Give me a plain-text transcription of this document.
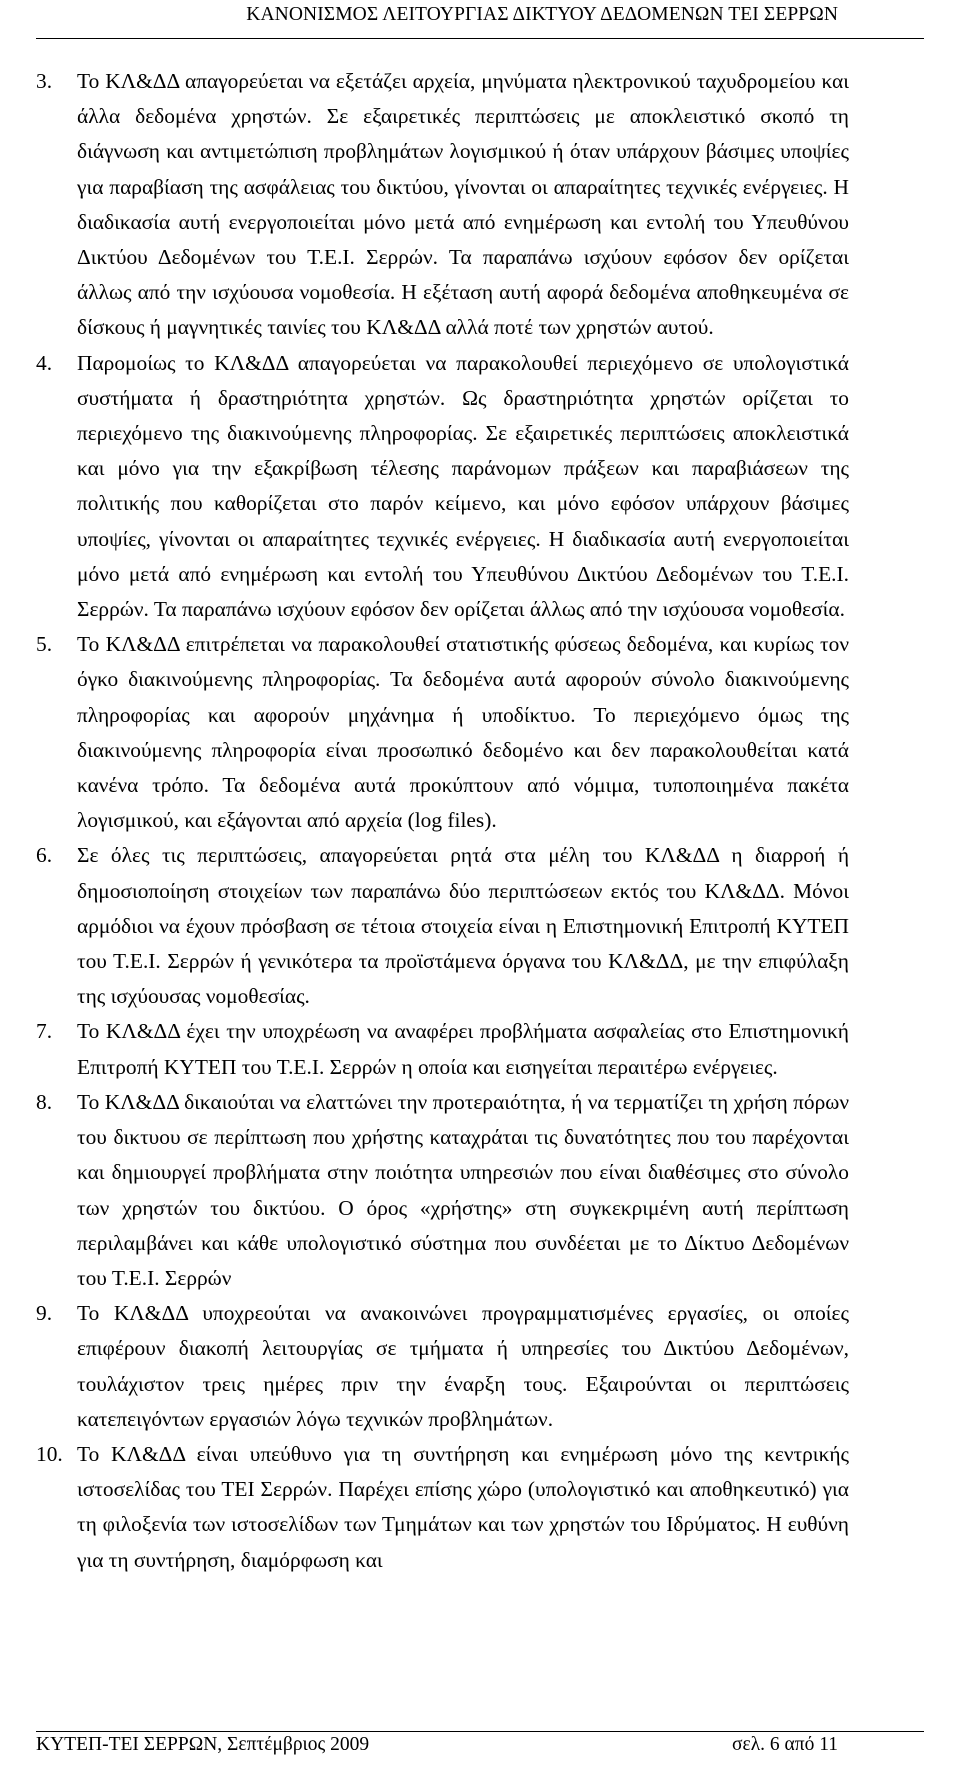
ΚΑΝΟΝΙΣΜΟΣ ΛΕΙΤΟΥΡΓΙΑΣ ΔΙΚΤΥΟΥ ΔΕΔΟΜΕΝΩΝ ΤΕΙ ΣΕΡΡΩΝ
3. Το ΚΛ&ΔΔ απαγορεύεται να εξετάζει αρχεία, μηνύματα ηλεκτρονικού ταχυδρομείου και άλλα δεδομένα χρηστών. Σε εξαιρετικές περιπτώσεις με αποκλειστικό σκοπό τη διάγνωση και αντιμετώπιση προβλημάτων λογισμικού ή όταν υπάρχουν βάσιμες υποψίες για παραβίαση της ασφάλειας του δικτύου, γίνονται οι απαραίτητες τεχνικές ενέργειες. Η διαδικασία αυτή ενεργοποιείται μόνο μετά από ενημέρωση και εντολή του Υπευθύνου Δικτύου Δεδομένων του Τ.Ε.Ι. Σερρών. Τα παραπάνω ισχύουν εφόσον δεν ορίζεται άλλως από την ισχύουσα νομοθεσία. Η εξέταση αυτή αφορά δεδομένα αποθηκευμένα σε δίσκους ή μαγνητικές ταινίες του ΚΛ&ΔΔ αλλά ποτέ των χρηστών αυτού.
4. Παρομοίως το ΚΛ&ΔΔ απαγορεύεται να παρακολουθεί περιεχόμενο σε υπολογιστικά συστήματα ή δραστηριότητα χρηστών. Ως δραστηριότητα χρηστών ορίζεται το περιεχόμενο της διακινούμενης πληροφορίας. Σε εξαιρετικές περιπτώσεις αποκλειστικά και μόνο για την εξακρίβωση τέλεσης παράνομων πράξεων και παραβιάσεων της πολιτικής που καθορίζεται στο παρόν κείμενο, και μόνο εφόσον υπάρχουν βάσιμες υποψίες, γίνονται οι απαραίτητες τεχνικές ενέργειες. Η διαδικασία αυτή ενεργοποιείται μόνο μετά από ενημέρωση και εντολή του Υπευθύνου Δικτύου Δεδομένων του Τ.Ε.Ι. Σερρών. Τα παραπάνω ισχύουν εφόσον δεν ορίζεται άλλως από την ισχύουσα νομοθεσία.
5. Το ΚΛ&ΔΔ επιτρέπεται να παρακολουθεί στατιστικής φύσεως δεδομένα, και κυρίως τον όγκο διακινούμενης πληροφορίας. Τα δεδομένα αυτά αφορούν σύνολο διακινούμενης πληροφορίας και αφορούν μηχάνημα ή υποδίκτυο. Το περιεχόμενο όμως της διακινούμενης πληροφορία είναι προσωπικό δεδομένο και δεν παρακολουθείται κατά κανένα τρόπο. Τα δεδομένα αυτά προκύπτουν από νόμιμα, τυποποιημένα πακέτα λογισμικού, και εξάγονται από αρχεία (log files).
6. Σε όλες τις περιπτώσεις, απαγορεύεται ρητά στα μέλη του ΚΛ&ΔΔ η διαρροή ή δημοσιοποίηση στοιχείων των παραπάνω δύο περιπτώσεων εκτός του ΚΛ&ΔΔ. Μόνοι αρμόδιοι να έχουν πρόσβαση σε τέτοια στοιχεία είναι η Επιστημονική Επιτροπή ΚΥΤΕΠ του Τ.Ε.Ι. Σερρών ή γενικότερα τα προϊστάμενα όργανα του ΚΛ&ΔΔ, με την επιφύλαξη της ισχύουσας νομοθεσίας.
7. Το ΚΛ&ΔΔ έχει την υποχρέωση να αναφέρει προβλήματα ασφαλείας στο Επιστημονική Επιτροπή ΚΥΤΕΠ του Τ.Ε.Ι. Σερρών η οποία και εισηγείται περαιτέρω ενέργειες.
8. Το ΚΛ&ΔΔ δικαιούται να ελαττώνει την προτεραιότητα, ή να τερματίζει τη χρήση πόρων του δικτυου σε περίπτωση που χρήστης καταχράται τις δυνατότητες που του παρέχονται και δημιουργεί προβλήματα στην ποιότητα υπηρεσιών που είναι διαθέσιμες στο σύνολο των χρηστών του δικτύου. Ο όρος «χρήστης» στη συγκεκριμένη αυτή περίπτωση περιλαμβάνει και κάθε υπολογιστικό σύστημα που συνδέεται με το Δίκτυο Δεδομένων του Τ.Ε.Ι. Σερρών
9. Το ΚΛ&ΔΔ υποχρεούται να ανακοινώνει προγραμματισμένες εργασίες, οι οποίες επιφέρουν διακοπή λειτουργίας σε τμήματα ή υπηρεσίες του Δικτύου Δεδομένων, τουλάχιστον τρεις ημέρες πριν την έναρξη τους. Εξαιρούνται οι περιπτώσεις κατεπειγόντων εργασιών λόγω τεχνικών προβλημάτων.
10. Το ΚΛ&ΔΔ είναι υπεύθυνο για τη συντήρηση και ενημέρωση μόνο της κεντρικής ιστοσελίδας του ΤΕΙ Σερρών. Παρέχει επίσης χώρο (υπολογιστικό και αποθηκευτικό) για τη φιλοξενία των ιστοσελίδων των Τμημάτων και των χρηστών του Ιδρύματος. Η ευθύνη για τη συντήρηση, διαμόρφωση και
ΚΥΤΕΠ-ΤΕΙ ΣΕΡΡΩΝ, Σεπτέμβριος 2009	σελ. 6 από 11
